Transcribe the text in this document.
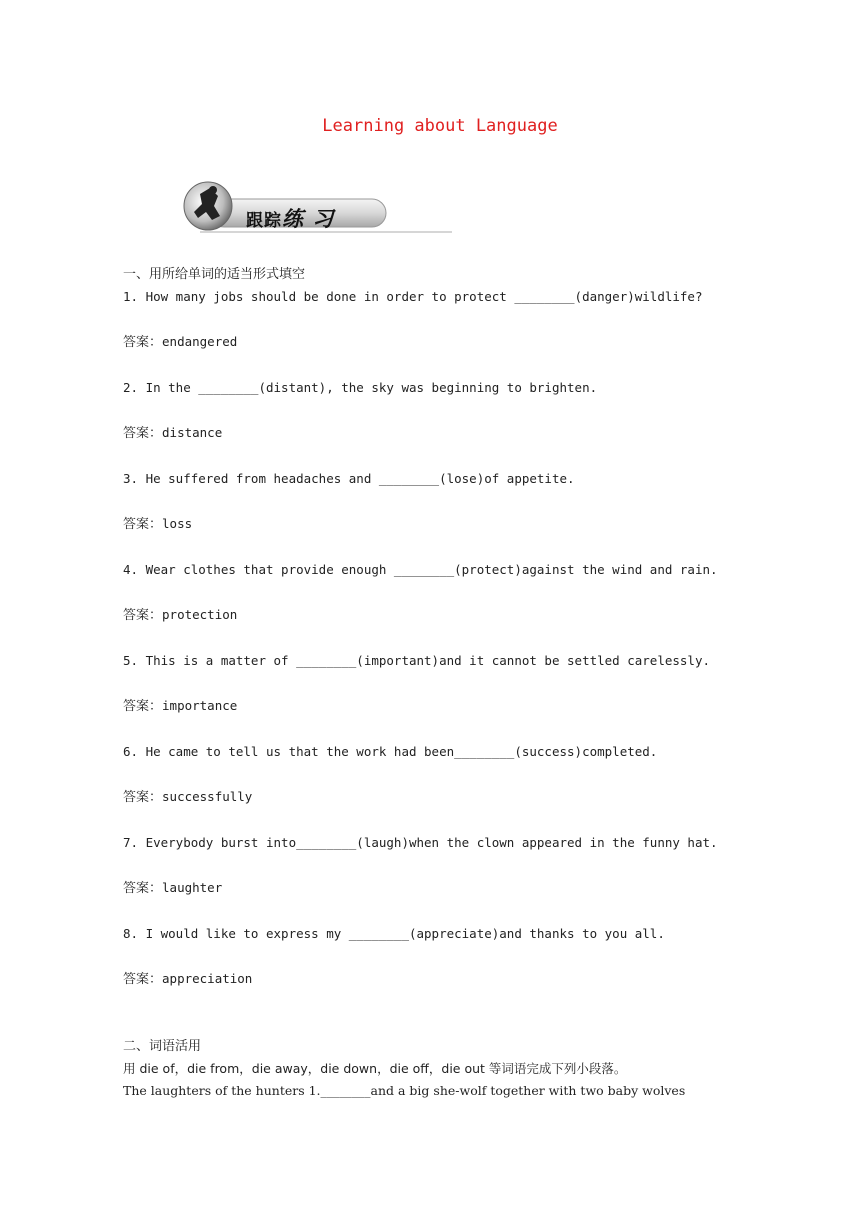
Learning about Language
跟踪练 习
一、用所给单词的适当形式填空
1. How many jobs should be done in order to protect ________(danger)wildlife?
答案：endangered
2. In the ________(distant), the sky was beginning to brighten.
答案：distance
3. He suffered from headaches and ________(lose)of appetite.
答案：loss
4. Wear clothes that provide enough ________(protect)against the wind and rain.
答案：protection
5. This is a matter of ________(important)and it cannot be settled carelessly.
答案：importance
6. He came to tell us that the work had been________(success)completed.
答案：successfully
7. Everybody burst into________(laugh)when the clown appeared in the funny hat.
答案：laughter
8. I would like to express my ________(appreciate)and thanks to you all.
答案：appreciation
二、词语活用
用 die of，die from，die away，die down，die off，die out 等词语完成下列小段落。
The laughters of the hunters 1.________and a big she-wolf together with two baby wolves
